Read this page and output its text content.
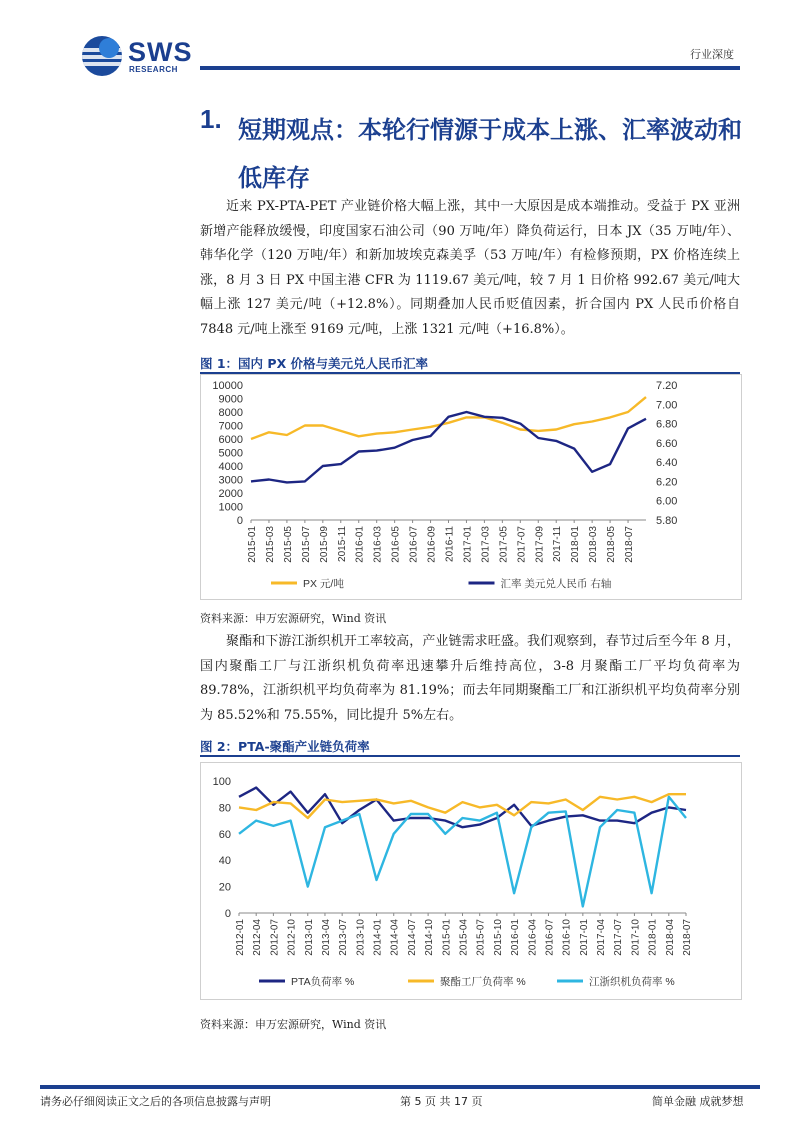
SWS
RESEARCH
行业深度
1. 短期观点：本轮行情源于成本上涨、汇率波动和低库存

近来 PX-PTA-PET 产业链价格大幅上涨，其中一大原因是成本端推动。受益于 PX 亚洲新增产能释放缓慢，印度国家石油公司（90 万吨/年）降负荷运行，日本 JX（35 万吨/年）、韩华化学（120 万吨/年）和新加坡埃克森美孚（53 万吨/年）有检修预期，PX 价格连续上涨，8 月 3 日 PX 中国主港 CFR 为 1119.67 美元/吨，较 7 月 1 日价格 992.67 美元/吨大幅上涨 127 美元/吨（+12.8%）。同期叠加人民币贬值因素，折合国内 PX 人民币价格自 7848 元/吨上涨至 9169 元/吨，上涨 1321 元/吨（+16.8%）。

图 1：国内 PX 价格与美元兑人民币汇率
10000
9000
8000
7000
6000
5000
4000
3000
2000
1000
0
7.20
7.00
6.80
6.60
6.40
6.20
6.00
5.80
2015-01 2015-03 2015-05 2015-07 2015-09 2015-11 2016-01 2016-03 2016-05 2016-07 2016-09 2016-11 2017-01 2017-03 2017-05 2017-07 2017-09 2017-11 2018-01 2018-03 2018-05 2018-07
PX 元/吨	汇率 美元兑人民币 右轴
资料来源：申万宏源研究，Wind 资讯

聚酯和下游江浙织机开工率较高，产业链需求旺盛。我们观察到，春节过后至今年 8 月，国内聚酯工厂与江浙织机负荷率迅速攀升后维持高位，3-8 月聚酯工厂平均负荷率为 89.78%，江浙织机平均负荷率为 81.19%；而去年同期聚酯工厂和江浙织机平均负荷率分别为 85.52%和 75.55%，同比提升 5%左右。

图 2：PTA-聚酯产业链负荷率
100
80
60
40
20
0
2012-01 2012-04 2012-07 2012-10 2013-01 2013-04 2013-07 2013-10 2014-01 2014-04 2014-07 2014-10 2015-01 2015-04 2015-07 2015-10 2016-01 2016-04 2016-07 2016-10 2017-01 2017-04 2017-07 2017-10 2018-01 2018-04 2018-07
PTA负荷率 %	聚酯工厂负荷率 %	江浙织机负荷率 %
资料来源：申万宏源研究，Wind 资讯
请务必仔细阅读正文之后的各项信息披露与声明	第 5 页 共 17 页	简单金融 成就梦想
